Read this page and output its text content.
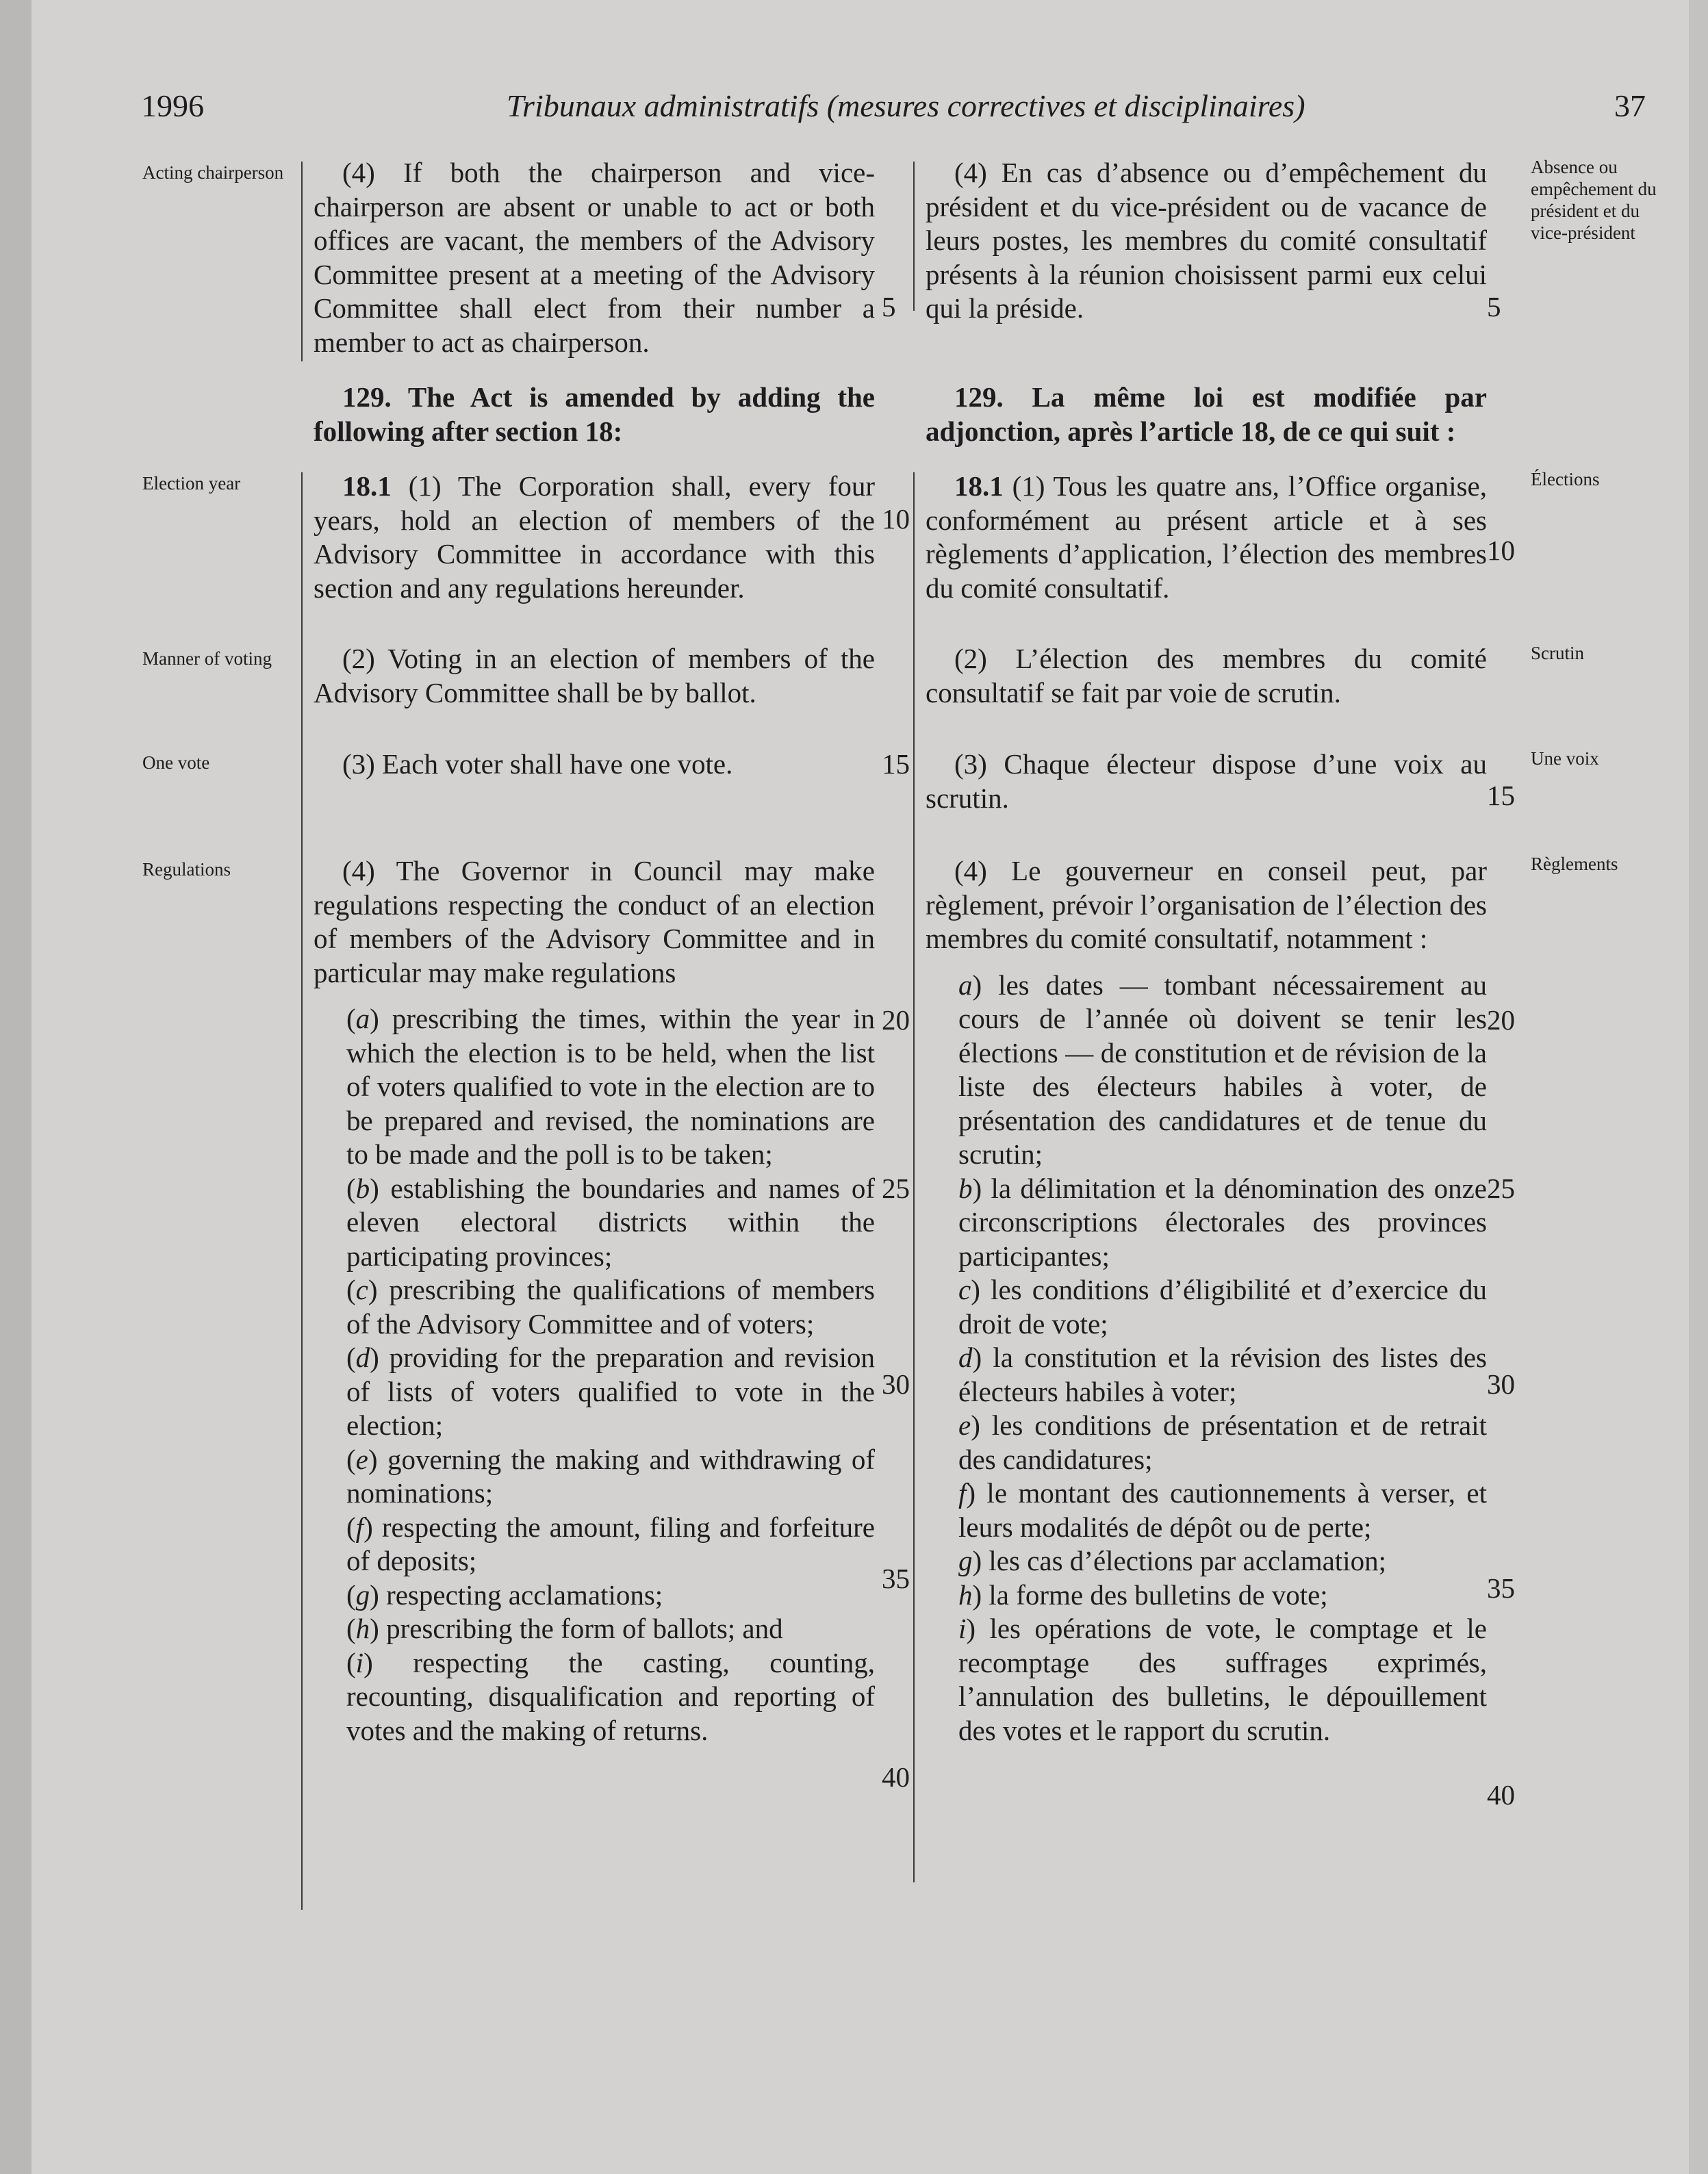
1996	Tribunaux administratifs (mesures correctives et disciplinaires)	37
Acting chairperson
Election year
Manner of voting
One vote
Regulations
Absence ou empêchement du président et du vice-président
Élections
Scrutin
Une voix
Règlements

(4) If both the chairperson and vice-chairperson are absent or unable to act or both offices are vacant, the members of the Advisory Committee present at a meeting of the Advisory Committee shall elect from their number a member to act as chairperson.

129. The Act is amended by adding the following after section 18:

18.1 (1) The Corporation shall, every four years, hold an election of members of the Advisory Committee in accordance with this section and any regulations hereunder.

(2) Voting in an election of members of the Advisory Committee shall be by ballot.

(3) Each voter shall have one vote.

(4) The Governor in Council may make regulations respecting the conduct of an election of members of the Advisory Committee and in particular may make regulations

(a) prescribing the times, within the year in which the election is to be held, when the list of voters qualified to vote in the election are to be prepared and revised, the nominations are to be made and the poll is to be taken;

(b) establishing the boundaries and names of eleven electoral districts within the participating provinces;

(c) prescribing the qualifications of members of the Advisory Committee and of voters;

(d) providing for the preparation and revision of lists of voters qualified to vote in the election;

(e) governing the making and withdrawing of nominations;

(f) respecting the amount, filing and forfeiture of deposits;

(g) respecting acclamations;

(h) prescribing the form of ballots; and

(i) respecting the casting, counting, recounting, disqualification and reporting of votes and the making of returns.

(4) En cas d’absence ou d’empêchement du président et du vice-président ou de vacance de leurs postes, les membres du comité consultatif présents à la réunion choisissent parmi eux celui qui la préside.

129. La même loi est modifiée par adjonction, après l’article 18, de ce qui suit :

18.1 (1) Tous les quatre ans, l’Office organise, conformément au présent article et à ses règlements d’application, l’élection des membres du comité consultatif.

(2) L’élection des membres du comité consultatif se fait par voie de scrutin.

(3) Chaque électeur dispose d’une voix au scrutin.

(4) Le gouverneur en conseil peut, par règlement, prévoir l’organisation de l’élection des membres du comité consultatif, notamment :

a) les dates — tombant nécessairement au cours de l’année où doivent se tenir les élections — de constitution et de révision de la liste des électeurs habiles à voter, de présentation des candidatures et de tenue du scrutin;

b) la délimitation et la dénomination des onze circonscriptions électorales des provinces participantes;

c) les conditions d’éligibilité et d’exercice du droit de vote;

d) la constitution et la révision des listes des électeurs habiles à voter;

e) les conditions de présentation et de retrait des candidatures;

f) le montant des cautionnements à verser, et leurs modalités de dépôt ou de perte;

g) les cas d’élections par acclamation;

h) la forme des bulletins de vote;

i) les opérations de vote, le comptage et le recomptage des suffrages exprimés, l’annulation des bulletins, le dépouillement des votes et le rapport du scrutin.

5
10
15
20
25
30
35
40
5
10
15
20
25
30
35
40
